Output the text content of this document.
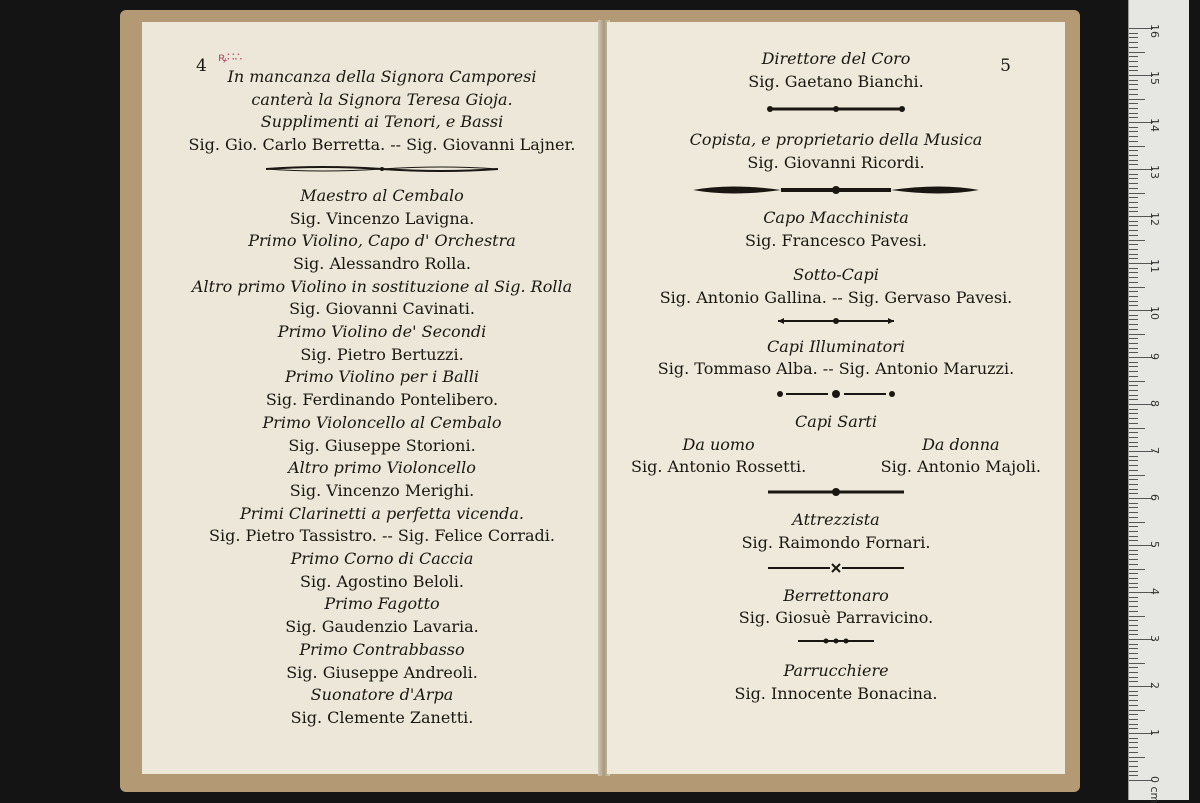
4 ꝶ∷∴
In mancanza della Signora Camporesi
canterà la Signora Teresa Gioja.
Supplimenti ai Tenori, e Bassi
Sig. Gio. Carlo Berretta. -- Sig. Giovanni Lajner.
Maestro al Cembalo
Sig. Vincenzo Lavigna.
Primo Violino, Capo d' Orchestra
Sig. Alessandro Rolla.
Altro primo Violino in sostituzione al Sig. Rolla
Sig. Giovanni Cavinati.
Primo Violino de' Secondi
Sig. Pietro Bertuzzi.
Primo Violino per i Balli
Sig. Ferdinando Pontelibero.
Primo Violoncello al Cembalo
Sig. Giuseppe Storioni.
Altro primo Violoncello
Sig. Vincenzo Merighi.
Primi Clarinetti a perfetta vicenda.
Sig. Pietro Tassistro. -- Sig. Felice Corradi.
Primo Corno di Caccia
Sig. Agostino Beloli.
Primo Fagotto
Sig. Gaudenzio Lavaria.
Primo Contrabbasso
Sig. Giuseppe Andreoli.
Suonatore d'Arpa
Sig. Clemente Zanetti.
5
Direttore del Coro
Sig. Gaetano Bianchi.
Copista, e proprietario della Musica
Sig. Giovanni Ricordi.
Capo Macchinista
Sig. Francesco Pavesi.
Sotto-Capi
Sig. Antonio Gallina. -- Sig. Gervaso Pavesi.
Capi Illuminatori
Sig. Tommaso Alba. -- Sig. Antonio Maruzzi.
Capi Sarti
Da uomo
Sig. Antonio Rossetti.
Da donna
Sig. Antonio Majoli.
Attrezzista
Sig. Raimondo Fornari.
Berrettonaro
Sig. Giosuè Parravicino.
Parrucchiere
Sig. Innocente Bonacina.
16
15
14
13
12
11
10
9
8
7
6
5
4
3
2
1
0 cm
